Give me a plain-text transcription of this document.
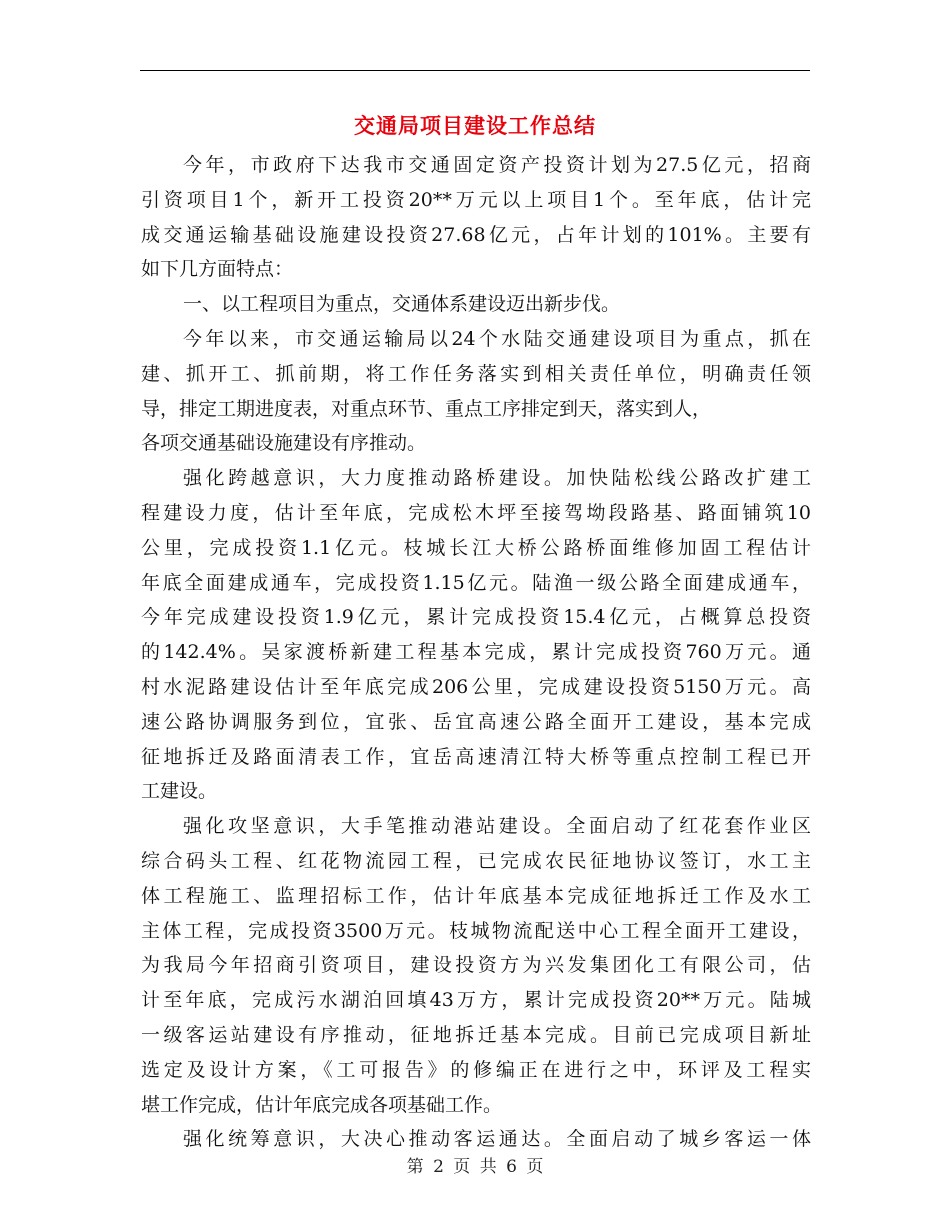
交通局项目建设工作总结
今年，市政府下达我市交通固定资产投资计划为27.5亿元，招商
引资项目1个，新开工投资20**万元以上项目1个。至年底，估计完
成交通运输基础设施建设投资27.68亿元，占年计划的101%。主要有
如下几方面特点：
一、以工程项目为重点，交通体系建设迈出新步伐。
今年以来，市交通运输局以24个水陆交通建设项目为重点，抓在
建、抓开工、抓前期，将工作任务落实到相关责任单位，明确责任领
导，排定工期进度表，对重点环节、重点工序排定到天，落实到人，
各项交通基础设施建设有序推动。
强化跨越意识，大力度推动路桥建设。加快陆松线公路改扩建工
程建设力度，估计至年底，完成松木坪至接驾坳段路基、路面铺筑10
公里，完成投资1.1亿元。枝城长江大桥公路桥面维修加固工程估计
年底全面建成通车，完成投资1.15亿元。陆渔一级公路全面建成通车，
今年完成建设投资1.9亿元，累计完成投资15.4亿元，占概算总投资
的142.4%。吴家渡桥新建工程基本完成，累计完成投资760万元。通
村水泥路建设估计至年底完成206公里，完成建设投资5150万元。高
速公路协调服务到位，宜张、岳宜高速公路全面开工建设，基本完成
征地拆迁及路面清表工作，宜岳高速清江特大桥等重点控制工程已开
工建设。
强化攻坚意识，大手笔推动港站建设。全面启动了红花套作业区
综合码头工程、红花物流园工程，已完成农民征地协议签订，水工主
体工程施工、监理招标工作，估计年底基本完成征地拆迁工作及水工
主体工程，完成投资3500万元。枝城物流配送中心工程全面开工建设，
为我局今年招商引资项目，建设投资方为兴发集团化工有限公司，估
计至年底，完成污水湖泊回填43万方，累计完成投资20**万元。陆城
一级客运站建设有序推动，征地拆迁基本完成。目前已完成项目新址
选定及设计方案，《工可报告》的修编正在进行之中，环评及工程实
堪工作完成，估计年底完成各项基础工作。
强化统筹意识，大决心推动客运通达。全面启动了城乡客运一体
第 2 页 共 6 页
